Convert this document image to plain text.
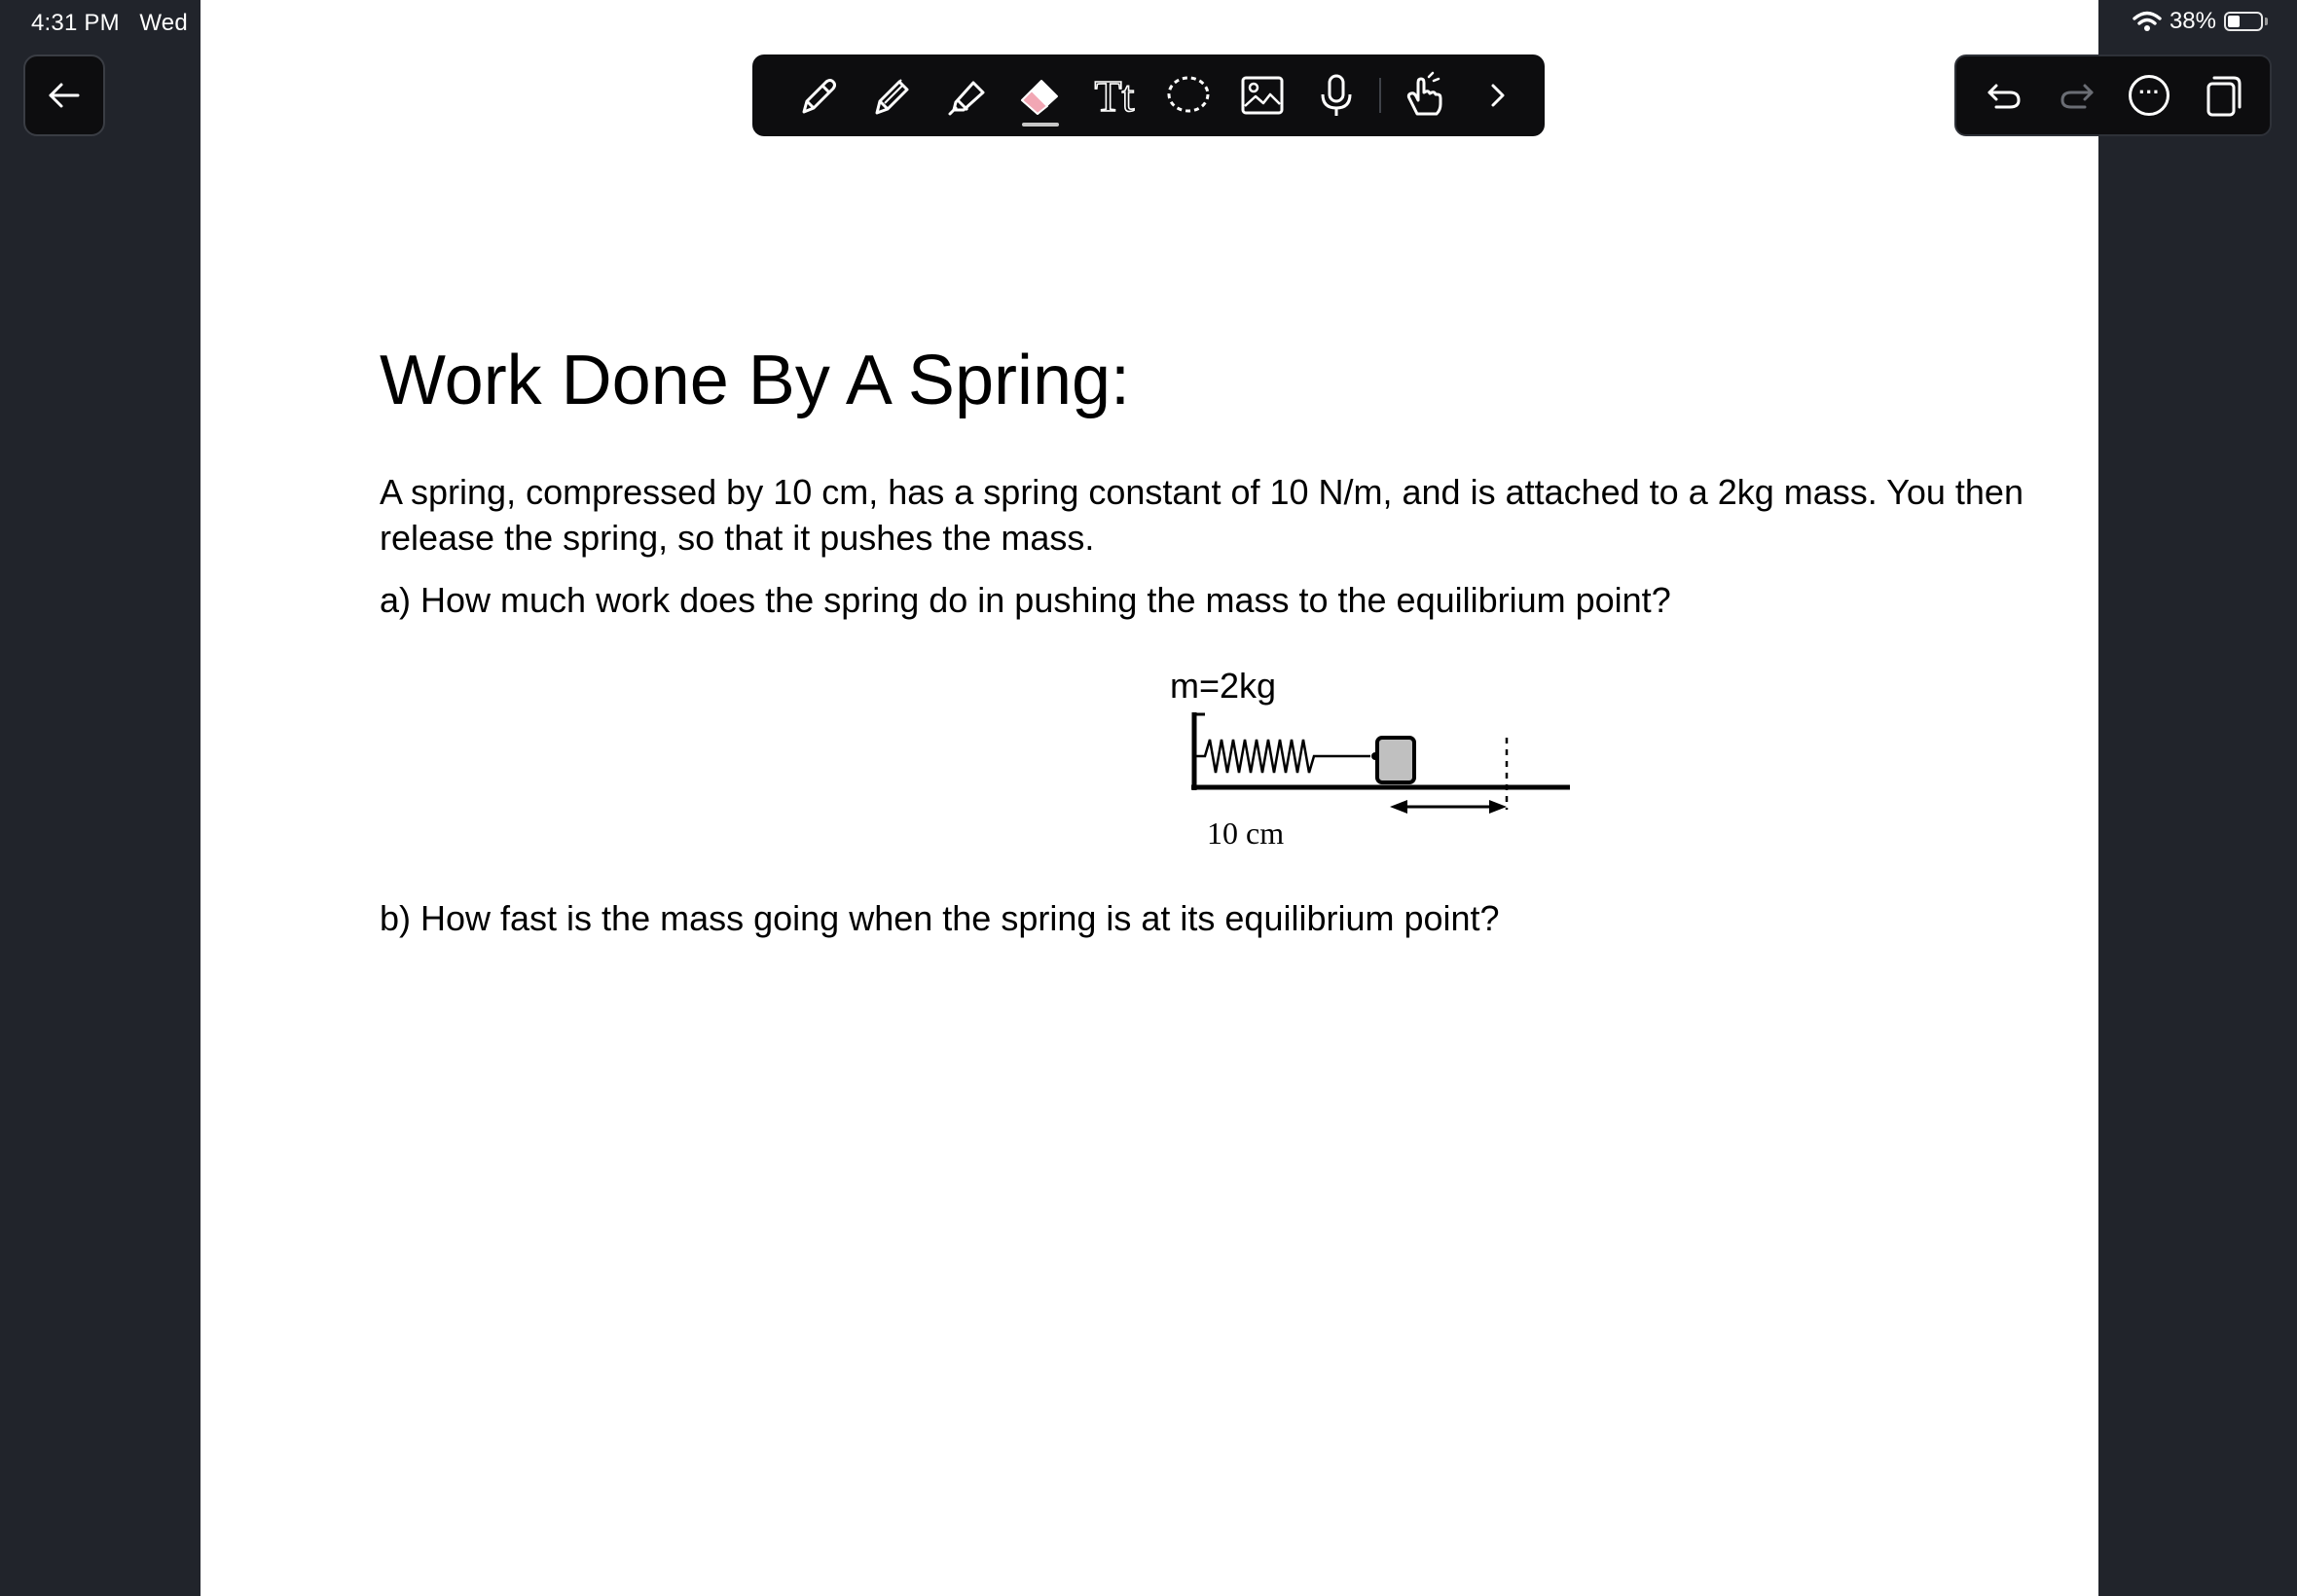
4:31 PM Wed
Work Done By A Spring:
A spring, compressed by 10 cm, has a spring constant of 10 N/m, and is attached to a 2kg mass. You then release the spring, so that it pushes the mass.
a) How much work does the spring do in pushing the mass to the equilibrium point?
b) How fast is the mass going when the spring is at its equilibrium point?
m=2kg
10 cm
Tt	···
38%
